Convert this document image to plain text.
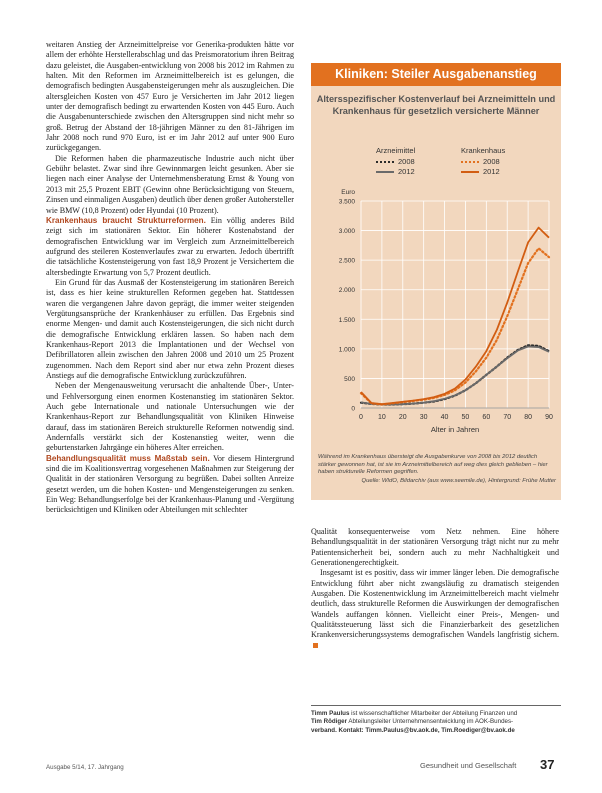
weitaren Anstieg der Arzneimittelpreise vor Generika-produkten hätte vor allem der erhöhte Herstellerabschlag und das Preismoratorium ihren Beitrag dazu geleistet, die Ausgaben-entwicklung von 2008 bis 2012 im Rahmen zu halten. Mit den Reformen im Arzneimittelbereich ist es gelungen, die demografisch bedingten Ausgabensteigerungen mehr als auszugleichen. Die altersgleichen Kosten von 457 Euro je Versicherten im Jahr 2012 liegen unter der demografisch bedingt zu erwartenden Kosten von 445 Euro. Auch die Ausgabenunterschiede zwischen den Altersgruppen sind nicht mehr so groß. Betrug der Abstand der 18-jährigen Männer zu den 81-Jährigen im Jahr 2008 noch rund 970 Euro, ist er im Jahr 2012 auf unter 900 Euro zurückgegangen.

Die Reformen haben die pharmazeutische Industrie auch nicht über Gebühr belastet. Zwar sind ihre Gewinnmargen leicht gesunken. Aber sie liegen nach einer Analyse der Unternehmensberatung Ernst & Young von 2013 mit 25,5 Prozent EBIT (Gewinn ohne Berücksichtigung von Steuern, Zinsen und einmaligen Ausgaben) deutlich über denen großer Autohersteller wie BMW (10,8 Prozent) oder Hyundai (10 Prozent).

Krankenhaus braucht Strukturreformen. Ein völlig anderes Bild zeigt sich im stationären Sektor. Ein höherer Kostenabstand der demografischen Entwicklung war im Vergleich zum Arzneimittelbereich aufgrund des steileren Kostenverlaufes zwar zu erwarten. Jedoch übertrifft die tatsächliche Kostensteigerung von fast 18,9 Prozent je Versichertem die altersbedingte Erwartung von 5,7 Prozent deutlich.

Ein Grund für das Ausmaß der Kostensteigerung im stationären Bereich ist, dass es hier keine strukturellen Reformen gegeben hat. Stattdessen waren die vergangenen Jahre davon geprägt, die immer weiter steigenden Vergütungsansprüche der Krankenhäuser zu erfüllen. Das Ergebnis sind enorme Mengen- und damit auch Kostensteigerungen, die sich nicht durch die demografische Entwicklung erklären lassen. So haben nach dem Krankenhaus-Report 2013 die Implantationen und der Wechsel von Defibrillatoren allein zwischen den Jahren 2008 und 2010 um 25 Prozent zugenommen. Nach dem Report sind aber nur etwa zehn Prozent dieses Anstiegs auf die demografische Entwicklung zurückzuführen.

Neben der Mengenausweitung verursacht die anhaltende Über-, Unter- und Fehlversorgung einen enormen Kostenanstieg im stationären Sektor. Auch gebe Internationale und nationale Untersuchungen wie der Krankenhaus-Report zur Behandlungsqualität von Kliniken Hinweise darauf, dass im stationären Bereich strukturelle Reformen notwendig sind. Andernfalls verstärkt sich der Kostenanstieg weiter, wenn die geburtenstarken Jahrgänge ein höheres Alter erreichen.

Behandlungsqualität muss Maßstab sein. Vor diesem Hintergrund sind die im Koalitionsvertrag vorgesehenen Maßnahmen zur Steigerung der Qualität in der stationären Versorgung zu begrüßen. Dabei sollten Anreize gesetzt werden, um die hohen Kosten- und Mengensteigerungen zu senken. Ein Weg: Behandlungserfolge bei der Krankenhaus-Planung und -Vergütung berücksichtigen und Kliniken oder Abteilungen mit schlechter

Kliniken: Steiler Ausgabenanstieg
Altersspezifischer Kostenverlauf bei Arzneimitteln und Krankenhaus für gesetzlich versicherte Männer
Arzneimittel	Krankenhaus
2008
2012
2008
2012
0
500
1.000
1.500
2.000
2.500
3.000
3.500
0 10 20 30 40 50 60 70 80 90
Euro
Alter in Jahren
Während im Krankenhaus übersteigt die Ausgabenkurve von 2008 bis 2012 deutlich stärker gewonnen hat, ist sie im Arzneimittelbereich auf weg dies gleich geblieben – hier haben strukturelle Reformen gegriffen.
Quelle: WIdO, Bildarchiv (aus www.seemile.de), Hintergrund: Frühe Mutter

Qualität konsequenterweise vom Netz nehmen. Eine höhere Behandlungsqualität in der stationären Versorgung trägt nicht nur zu mehr Patientensicherheit bei, sondern auch zu mehr Nachhaltigkeit und Generationengerechtigkeit.

Insgesamt ist es positiv, dass wir immer länger leben. Die demografische Entwicklung führt aber nicht zwangsläufig zu dramatisch steigenden Ausgaben. Die Kostenentwicklung im Arzneimittelbereich macht vielmehr deutlich, dass strukturelle Reformen die Auswirkungen der demografischen Wandels auffangen können. Vielleicht einer Preis-, Mengen- und Qualitätssteuerung lässt sich die Finanzierbarkeit des gesetzlichen Krankenversicherungssystems demografischen Wandels langfristig sichern.

Timm Paulus ist wissenschaftlicher Mitarbeiter der Abteilung Finanzen und
Tim Rödiger Abteilungsleiter Unternehmensentwicklung im AOK-Bundes-
verband. Kontakt: Timm.Paulus@bv.aok.de, Tim.Roediger@bv.aok.de
Ausgabe 5/14, 17. Jahrgang	Gesundheit und Gesellschaft 37
